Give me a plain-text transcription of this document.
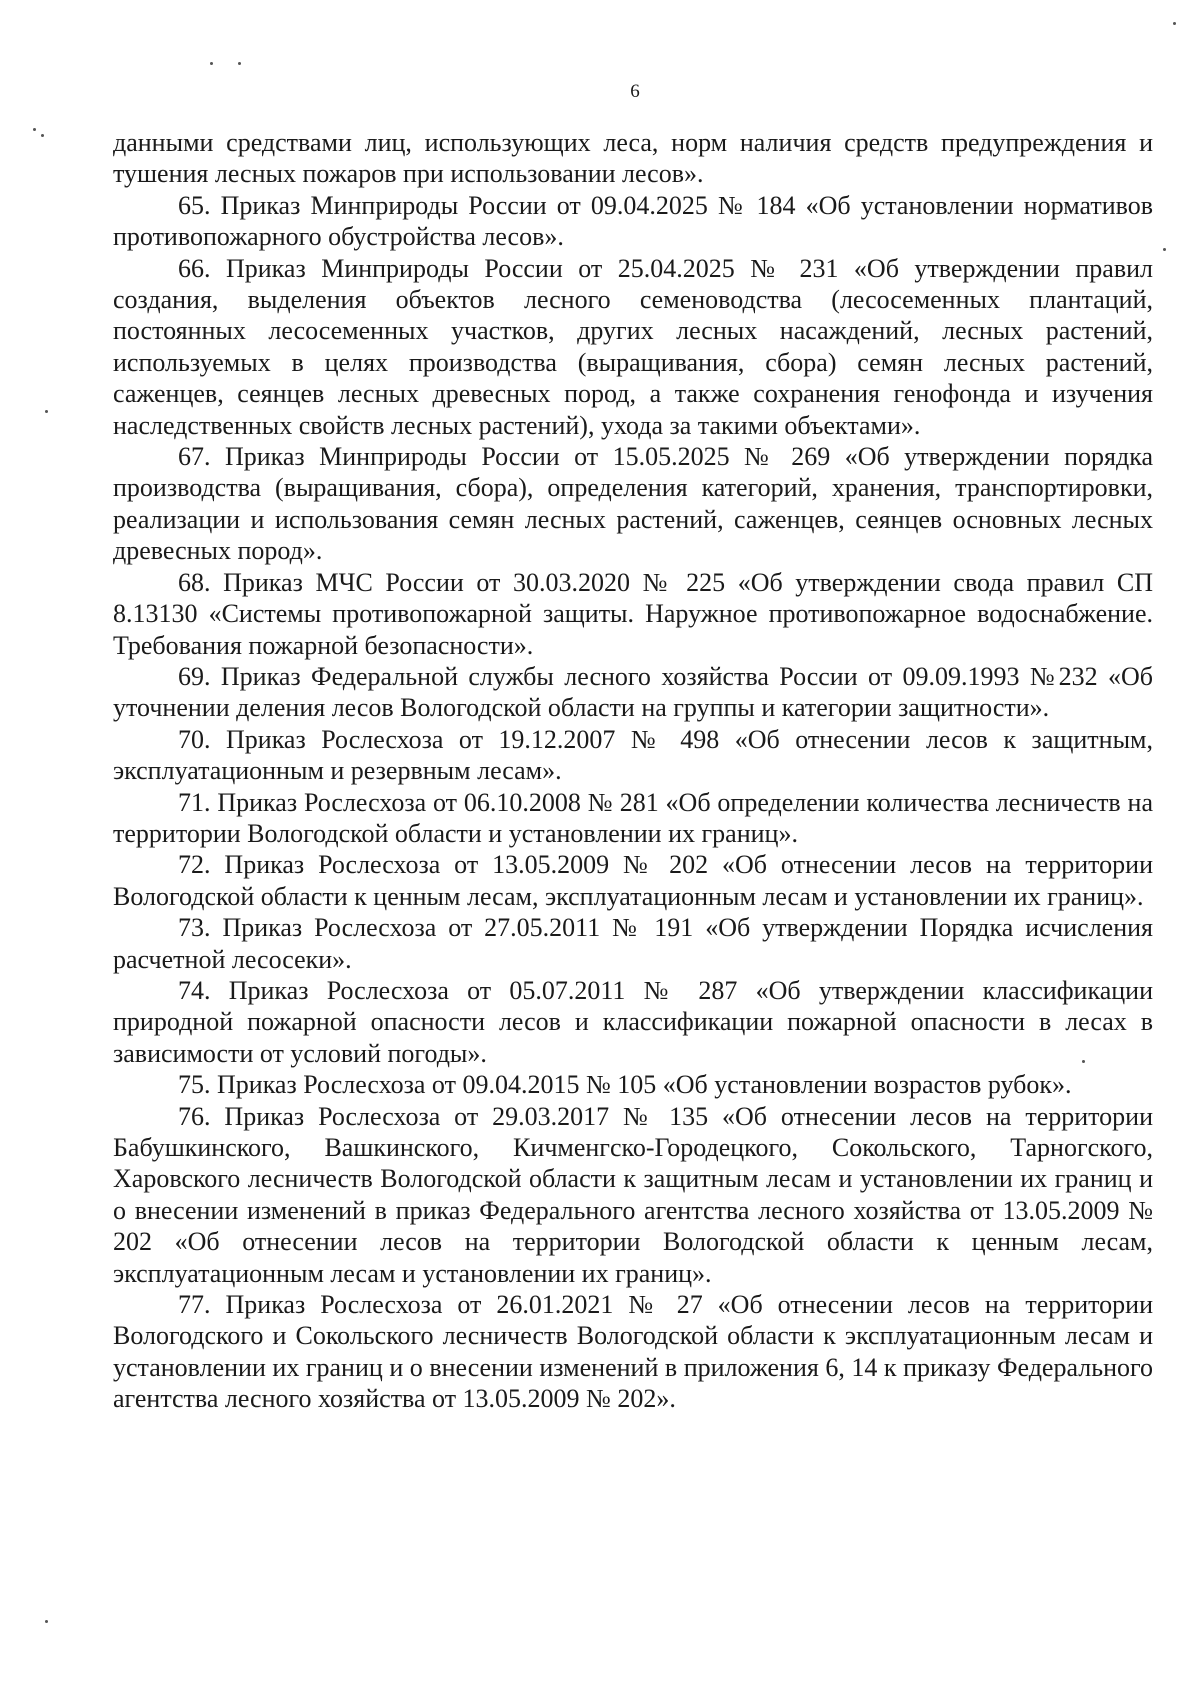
6

данными средствами лиц, использующих леса, норм наличия средств предупреждения и тушения лесных пожаров при использовании лесов».

65. Приказ Минприроды России от 09.04.2025 № 184 «Об установлении нормативов противопожарного обустройства лесов».

66. Приказ Минприроды России от 25.04.2025 № 231 «Об утверждении правил создания, выделения объектов лесного семеноводства (лесосеменных плантаций, постоянных лесосеменных участков, других лесных насаждений, лесных растений, используемых в целях производства (выращивания, сбора) семян лесных растений, саженцев, сеянцев лесных древесных пород, а также сохранения генофонда и изучения наследственных свойств лесных растений), ухода за такими объектами».

67. Приказ Минприроды России от 15.05.2025 № 269 «Об утверждении порядка производства (выращивания, сбора), определения категорий, хранения, транспортировки, реализации и использования семян лесных растений, саженцев, сеянцев основных лесных древесных пород».

68. Приказ МЧС России от 30.03.2020 № 225 «Об утверждении свода правил СП 8.13130 «Системы противопожарной защиты. Наружное противопожарное водоснабжение. Требования пожарной безопасности».

69. Приказ Федеральной службы лесного хозяйства России от 09.09.1993 №232 «Об уточнении деления лесов Вологодской области на группы и категории защитности».

70. Приказ Рослесхоза от 19.12.2007 № 498 «Об отнесении лесов к защитным, эксплуатационным и резервным лесам».

71. Приказ Рослесхоза от 06.10.2008 № 281 «Об определении количества лесничеств на территории Вологодской области и установлении их границ».

72. Приказ Рослесхоза от 13.05.2009 № 202 «Об отнесении лесов на территории Вологодской области к ценным лесам, эксплуатационным лесам и установлении их границ».

73. Приказ Рослесхоза от 27.05.2011 № 191 «Об утверждении Порядка исчисления расчетной лесосеки».

74. Приказ Рослесхоза от 05.07.2011 № 287 «Об утверждении классификации природной пожарной опасности лесов и классификации пожарной опасности в лесах в зависимости от условий погоды».

75. Приказ Рослесхоза от 09.04.2015 № 105 «Об установлении возрастов рубок».

76. Приказ Рослесхоза от 29.03.2017 № 135 «Об отнесении лесов на территории Бабушкинского, Вашкинского, Кичменгско-Городецкого, Сокольского, Тарногского, Харовского лесничеств Вологодской области к защитным лесам и установлении их границ и о внесении изменений в приказ Федерального агентства лесного хозяйства от 13.05.2009 № 202 «Об отнесении лесов на территории Вологодской области к ценным лесам, эксплуатационным лесам и установлении их границ».

77. Приказ Рослесхоза от 26.01.2021 № 27 «Об отнесении лесов на территории Вологодского и Сокольского лесничеств Вологодской области к эксплуатационным лесам и установлении их границ и о внесении изменений в приложения 6, 14 к приказу Федерального агентства лесного хозяйства от 13.05.2009 № 202».
